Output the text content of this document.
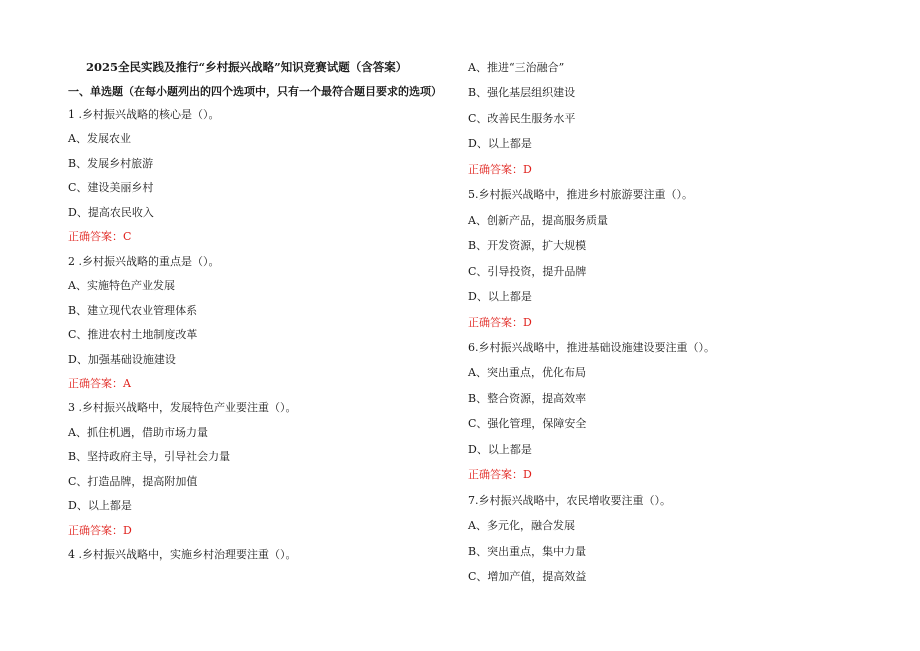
2025全民实践及推行“乡村振兴战略”知识竞赛试题（含答案）
一、单选题（在每小题列出的四个选项中，只有一个最符合题目要求的选项）
1 .乡村振兴战略的核心是（）。
A、发展农业
B、发展乡村旅游
C、建设美丽乡村
D、提高农民收入
正确答案：C
2 .乡村振兴战略的重点是（）。
A、实施特色产业发展
B、建立现代农业管理体系
C、推进农村土地制度改革
D、加强基础设施建设
正确答案：A
3 .乡村振兴战略中，发展特色产业要注重（）。
A、抓住机遇，借助市场力量
B、坚持政府主导，引导社会力量
C、打造品牌，提高附加值
D、以上都是
正确答案：D
4 .乡村振兴战略中，实施乡村治理要注重（）。
A、推进“三治融合”
B、强化基层组织建设
C、改善民生服务水平
D、以上都是
正确答案：D
5.乡村振兴战略中，推进乡村旅游要注重（）。
A、创新产品，提高服务质量
B、开发资源，扩大规模
C、引导投资，提升品牌
D、以上都是
正确答案：D
6.乡村振兴战略中，推进基础设施建设要注重（）。
A、突出重点，优化布局
B、整合资源，提高效率
C、强化管理，保障安全
D、以上都是
正确答案：D
7.乡村振兴战略中，农民增收要注重（）。
A、多元化，融合发展
B、突出重点，集中力量
C、增加产值，提高效益
